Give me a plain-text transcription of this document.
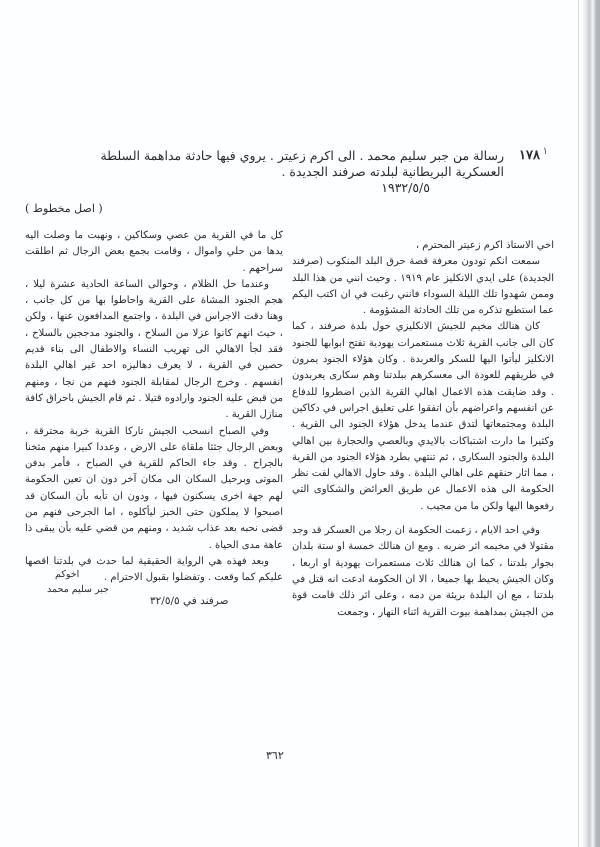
١
١٧٨
رسالة من جبر سليم محمد . الى اكرم زعيتر . يروي فيها حادثة مداهمة السلطة العسكرية البريطانية لبلدته صرفند الجديدة .
١٩٣٢/٥/٥
( اصل مخطوط )

اخي الاستاذ اكرم زعيتر المحترم ،

سمعت انكم تودون معرفة قصة حرق البلد المنكوب (صرفند الجديدة) على ايدي الانكليز عام ١٩١٩ . وحيث انني من هذا البلد وممن شهدوا تلك الليلة السوداء فانني رغبت في ان اكتب اليكم عما استطيع تذكره من تلك الحادثة المشؤومة .

كان هنالك مخيم للجيش الانكليزي حول بلدة صرفند ، كما كان الى جانب القرية ثلاث مستعمرات يهودية تفتح ابوابها للجنود الانكليز ليأتوا اليها للسكر والعربدة . وكان هؤلاء الجنود يمرون في طريقهم للعودة الى معسكرهم ببلدتنا وهم سكارى يعربدون . وقد ضايقت هذه الاعمال اهالي القرية الذين اضطروا للدفاع عن انفسهم واعراضهم بأن اتفقوا على تعليق اجراس في دكاكين البلدة ومجتمعاتها لتدق عندما يدخل هؤلاء الجنود الى القرية . وكثيرا ما دارت اشتباكات بالايدي وبالعصي والحجارة بين اهالي البلدة والجنود السكارى ، ثم تنتهي بطرد هؤلاء الجنود من القرية ، مما اثار حنقهم على اهالي البلدة . وقد حاول الاهالي لفت نظر الحكومة الى هذه الاعمال عن طريق العرائض والشكاوى التي رفعوها اليها ولكن ما من مجيب .

وفي احد الايام ، زعمت الحكومة ان رجلا من العسكر قد وجد مقتولا في مخيمه اثر ضربه . ومع ان هنالك خمسة او ستة بلدان بجوار بلدتنا ، كما ان هنالك ثلاث مستعمرات يهودية او اربعا ، وكان الجيش يحيط بها جميعا ، الا ان الحكومة ادعت انه قتل في بلدتنا ، مع ان البلدة بريئة من دمه ، وعلى اثر ذلك قامت قوة من الجيش بمداهمة بيوت القرية اثناء النهار ، وجمعت

كل ما في القرية من عصي وسكاكين ، ونهبت ما وصلت اليه يدها من حلي واموال ، وقامت بجمع بعض الرجال ثم اطلقت سراحهم .

وعندما حل الظلام ، وحوالى الساعة الحادية عشرة ليلا ، هجم الجنود المشاة على القرية واحاطوا بها من كل جانب ، وهنا دقت الاجراس في البلدة ، واجتمع المدافعون عنها ، ولكن ، حيث انهم كانوا عزلا من السلاح ، والجنود مدججين بالسلاح ، فقد لجأ الاهالي الى تهريب النساء والاطفال الى بناء قديم حصين في القرية ، لا يعرف دهاليزه احد غير اهالي البلدة انفسهم . وخرج الرجال لمقابلة الجنود فنهم من نجا ، ومنهم من قبض عليه الجنود وارادوه قتيلا . ثم قام الجيش باحراق كافة منازل القرية .

وفي الصباح انسحب الجيش تاركا القرية خربة محترقة ، وبعض الرجال جثثا ملقاة على الارض ، وعددا كبيرا منهم مثخنا بالجراح . وقد جاء الحاكم للقرية في الصباح ، فأمر بدفن الموتى وبرحيل السكان الى مكان آخر دون ان تعين الحكومة لهم جهة اخرى يسكنون فيها ، ودون ان تأبه بأن السكان قد اصبحوا لا يملكون حتى الخبز ليأكلوه ، اما الجرحى فنهم من قضى نحبه بعد عذاب شديد ، ومنهم من قضي عليه بأن يبقى ذا عاهة مدى الحياة .

وبعد فهذه هي الرواية الحقيقية لما حدث في بلدتنا اقصها عليكم كما وقعت . وتفضلوا بقبول الاحترام .

اخوكم
جبر سليم محمد
صرفند في ٣٢/٥/٥
٣٦٢
